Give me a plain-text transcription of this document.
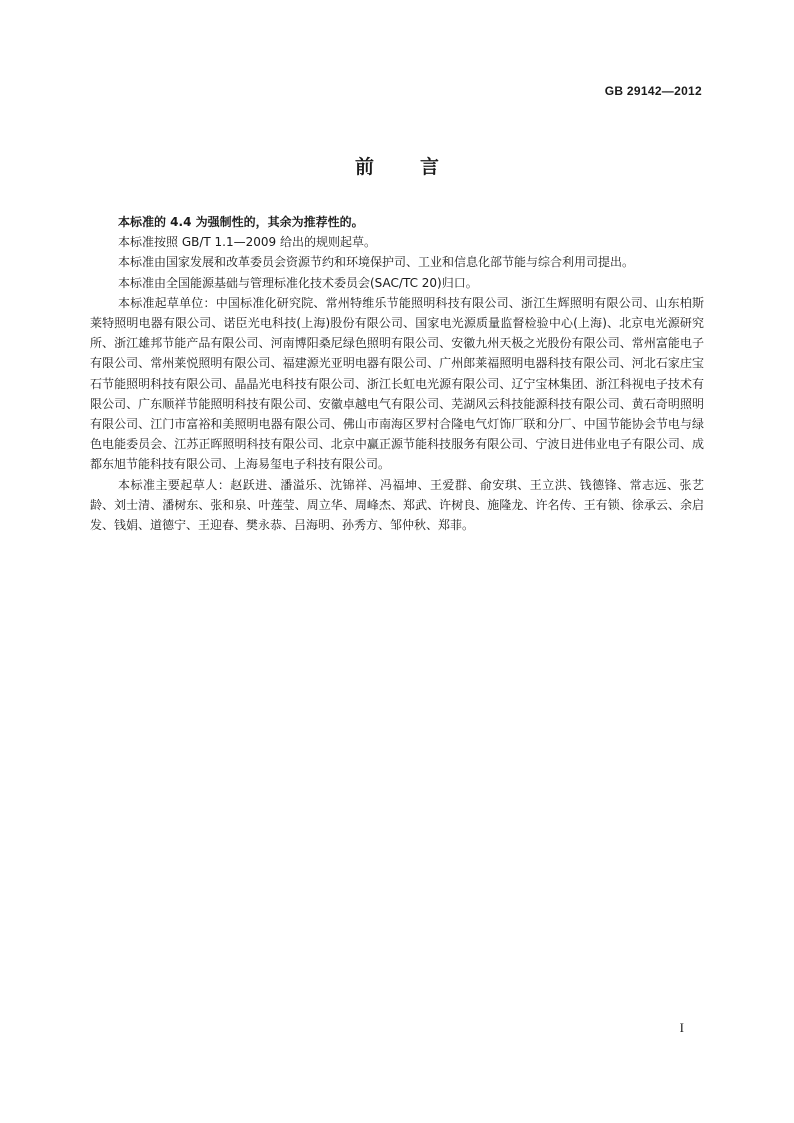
GB 29142—2012
前言

本标准的 4.4 为强制性的，其余为推荐性的。

本标准按照 GB/T 1.1—2009 给出的规则起草。

本标准由国家发展和改革委员会资源节约和环境保护司、工业和信息化部节能与综合利用司提出。

本标准由全国能源基础与管理标准化技术委员会(SAC/TC 20)归口。

本标准起草单位：中国标准化研究院、常州特维乐节能照明科技有限公司、浙江生辉照明有限公司、山东柏斯莱特照明电器有限公司、诺臣光电科技(上海)股份有限公司、国家电光源质量监督检验中心(上海)、北京电光源研究所、浙江雄邦节能产品有限公司、河南博阳桑尼绿色照明有限公司、安徽九州天极之光股份有限公司、常州富能电子有限公司、常州莱悦照明有限公司、福建源光亚明电器有限公司、广州郎莱福照明电器科技有限公司、河北石家庄宝石节能照明科技有限公司、晶晶光电科技有限公司、浙江长虹电光源有限公司、辽宁宝林集团、浙江科视电子技术有限公司、广东顺祥节能照明科技有限公司、安徽卓越电气有限公司、芜湖风云科技能源科技有限公司、黄石奇明照明有限公司、江门市富裕和美照明电器有限公司、佛山市南海区罗村合隆电气灯饰厂联和分厂、中国节能协会节电与绿色电能委员会、江苏正晖照明科技有限公司、北京中赢正源节能科技服务有限公司、宁波日进伟业电子有限公司、成都东旭节能科技有限公司、上海易玺电子科技有限公司。

本标准主要起草人：赵跃进、潘溢乐、沈锦祥、冯福坤、王爱群、俞安琪、王立洪、钱德锋、常志远、张艺龄、刘士清、潘树东、张和泉、叶莲莹、周立华、周峰杰、郑武、许树良、施隆龙、许名传、王有锁、徐承云、余启发、钱娟、道德宁、王迎春、樊永恭、吕海明、孙秀方、邹仲秋、郑菲。

I
